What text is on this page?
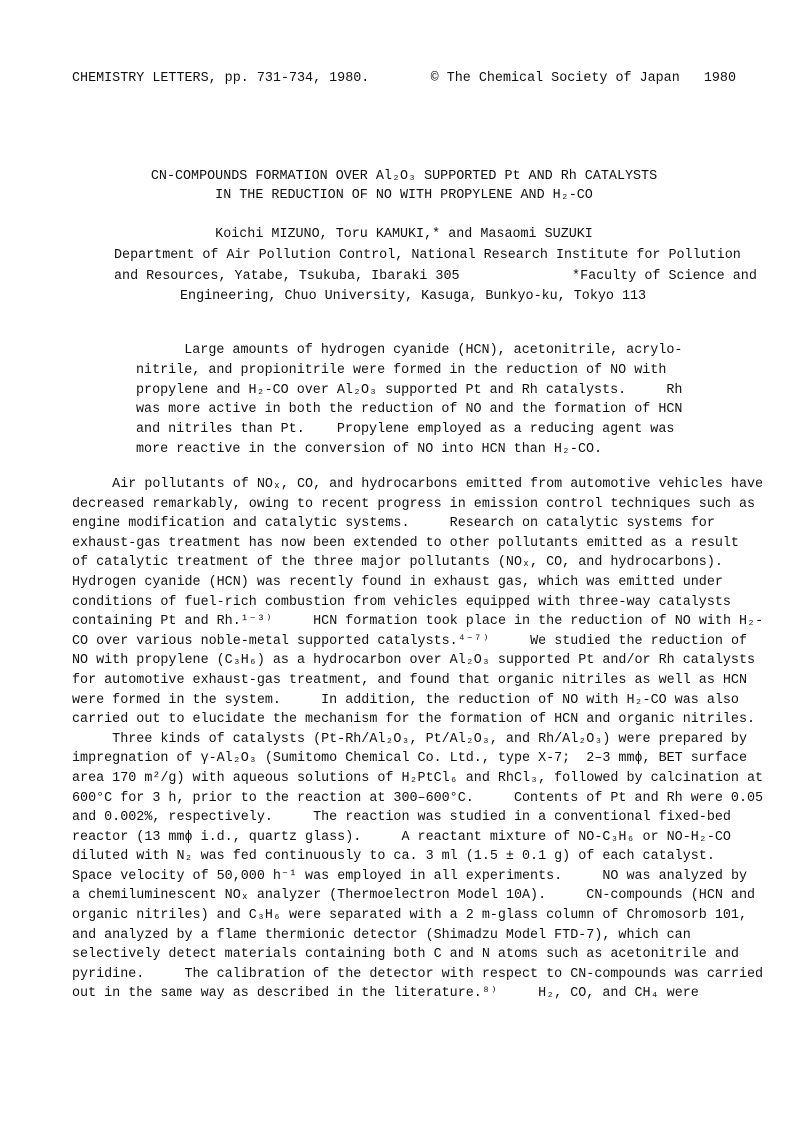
CHEMISTRY LETTERS, pp. 731-734, 1980.	© The Chemical Society of Japan   1980
CN-COMPOUNDS FORMATION OVER Al₂O₃ SUPPORTED Pt AND Rh CATALYSTS
IN THE REDUCTION OF NO WITH PROPYLENE AND H₂-CO
Koichi MIZUNO, Toru KAMUKI,* and Masaomi SUZUKI
Department of Air Pollution Control, National Research Institute for Pollution
and Resources, Yatabe, Tsukuba, Ibaraki 305              *Faculty of Science and
Engineering, Chuo University, Kasuga, Bunkyo-ku, Tokyo 113
Large amounts of hydrogen cyanide (HCN), acetonitrile, acrylo-
nitrile, and propionitrile were formed in the reduction of NO with
propylene and H₂-CO over Al₂O₃ supported Pt and Rh catalysts.     Rh
was more active in both the reduction of NO and the formation of HCN
and nitriles than Pt.    Propylene employed as a reducing agent was
more reactive in the conversion of NO into HCN than H₂-CO.
Air pollutants of NOₓ, CO, and hydrocarbons emitted from automotive vehicles have
decreased remarkably, owing to recent progress in emission control techniques such as
engine modification and catalytic systems.     Research on catalytic systems for
exhaust-gas treatment has now been extended to other pollutants emitted as a result
of catalytic treatment of the three major pollutants (NOₓ, CO, and hydrocarbons).
Hydrogen cyanide (HCN) was recently found in exhaust gas, which was emitted under
conditions of fuel-rich combustion from vehicles equipped with three-way catalysts
containing Pt and Rh.¹⁻³⁾     HCN formation took place in the reduction of NO with H₂-
CO over various noble-metal supported catalysts.⁴⁻⁷⁾     We studied the reduction of
NO with propylene (C₃H₆) as a hydrocarbon over Al₂O₃ supported Pt and/or Rh catalysts
for automotive exhaust-gas treatment, and found that organic nitriles as well as HCN
were formed in the system.     In addition, the reduction of NO with H₂-CO was also
carried out to elucidate the mechanism for the formation of HCN and organic nitriles.
Three kinds of catalysts (Pt-Rh/Al₂O₃, Pt/Al₂O₃, and Rh/Al₂O₃) were prepared by
impregnation of γ-Al₂O₃ (Sumitomo Chemical Co. Ltd., type X-7;  2–3 mmϕ, BET surface
area 170 m²/g) with aqueous solutions of H₂PtCl₆ and RhCl₃, followed by calcination at
600°C for 3 h, prior to the reaction at 300–600°C.     Contents of Pt and Rh were 0.05
and 0.002%, respectively.     The reaction was studied in a conventional fixed-bed
reactor (13 mmϕ i.d., quartz glass).     A reactant mixture of NO-C₃H₆ or NO-H₂-CO
diluted with N₂ was fed continuously to ca. 3 ml (1.5 ± 0.1 g) of each catalyst.
Space velocity of 50,000 h⁻¹ was employed in all experiments.     NO was analyzed by
a chemiluminescent NOₓ analyzer (Thermoelectron Model 10A).     CN-compounds (HCN and
organic nitriles) and C₃H₆ were separated with a 2 m-glass column of Chromosorb 101,
and analyzed by a flame thermionic detector (Shimadzu Model FTD-7), which can
selectively detect materials containing both C and N atoms such as acetonitrile and
pyridine.     The calibration of the detector with respect to CN-compounds was carried
out in the same way as described in the literature.⁸⁾     H₂, CO, and CH₄ were
